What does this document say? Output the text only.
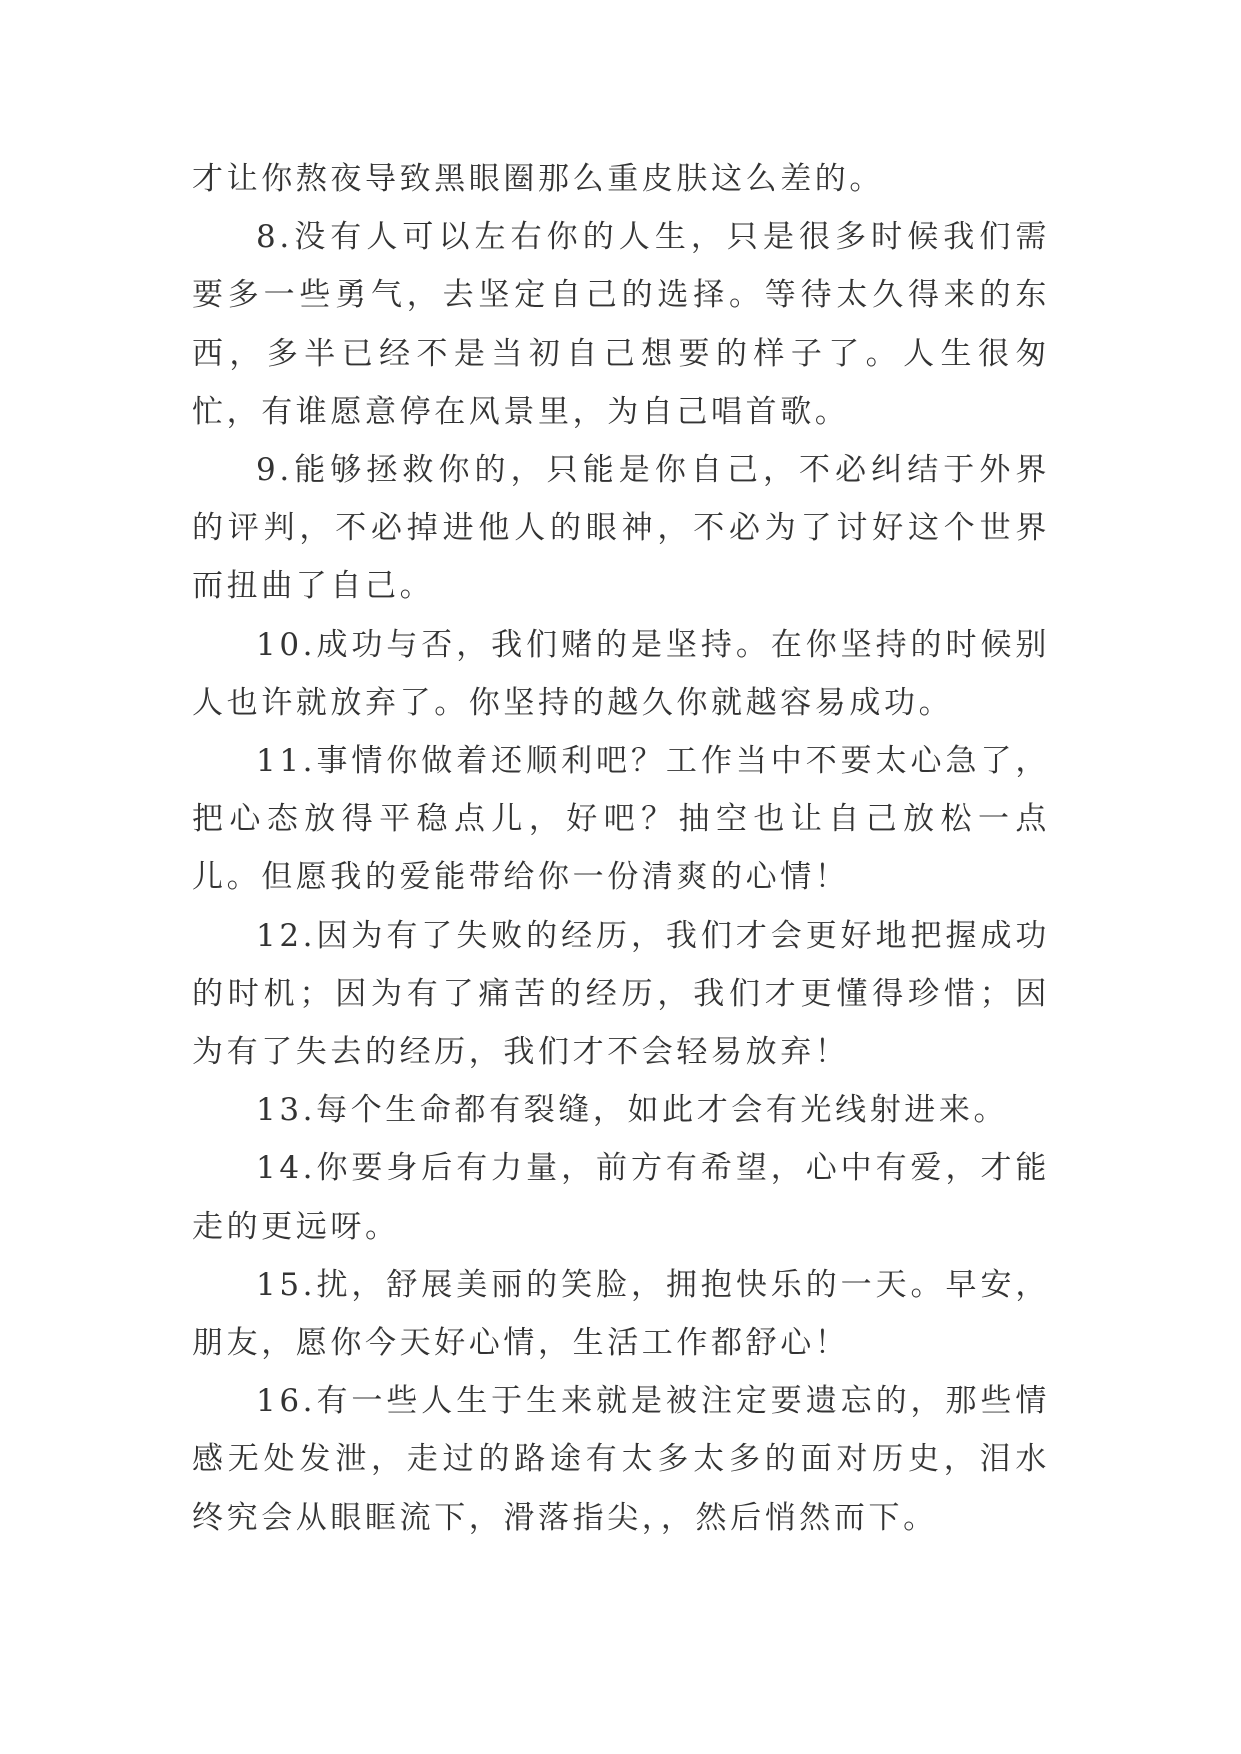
才让你熬夜导致黑眼圈那么重皮肤这么差的。

8.没有人可以左右你的人生，只是很多时候我们需要多一些勇气，去坚定自己的选择。等待太久得来的东西，多半已经不是当初自己想要的样子了。人生很匆忙，有谁愿意停在风景里，为自己唱首歌。

9.能够拯救你的，只能是你自己，不必纠结于外界的评判，不必掉进他人的眼神，不必为了讨好这个世界而扭曲了自己。

10.成功与否，我们赌的是坚持。在你坚持的时候别人也许就放弃了。你坚持的越久你就越容易成功。

11.事情你做着还顺利吧？工作当中不要太心急了，把心态放得平稳点儿，好吧？抽空也让自己放松一点儿。但愿我的爱能带给你一份清爽的心情！

12.因为有了失败的经历，我们才会更好地把握成功的时机；因为有了痛苦的经历，我们才更懂得珍惜；因为有了失去的经历，我们才不会轻易放弃！

13.每个生命都有裂缝，如此才会有光线射进来。

14.你要身后有力量，前方有希望，心中有爱，才能走的更远呀。

15.扰，舒展美丽的笑脸，拥抱快乐的一天。早安，朋友，愿你今天好心情，生活工作都舒心！

16.有一些人生于生来就是被注定要遗忘的，那些情感无处发泄，走过的路途有太多太多的面对历史，泪水终究会从眼眶流下，滑落指尖，，然后悄然而下。
